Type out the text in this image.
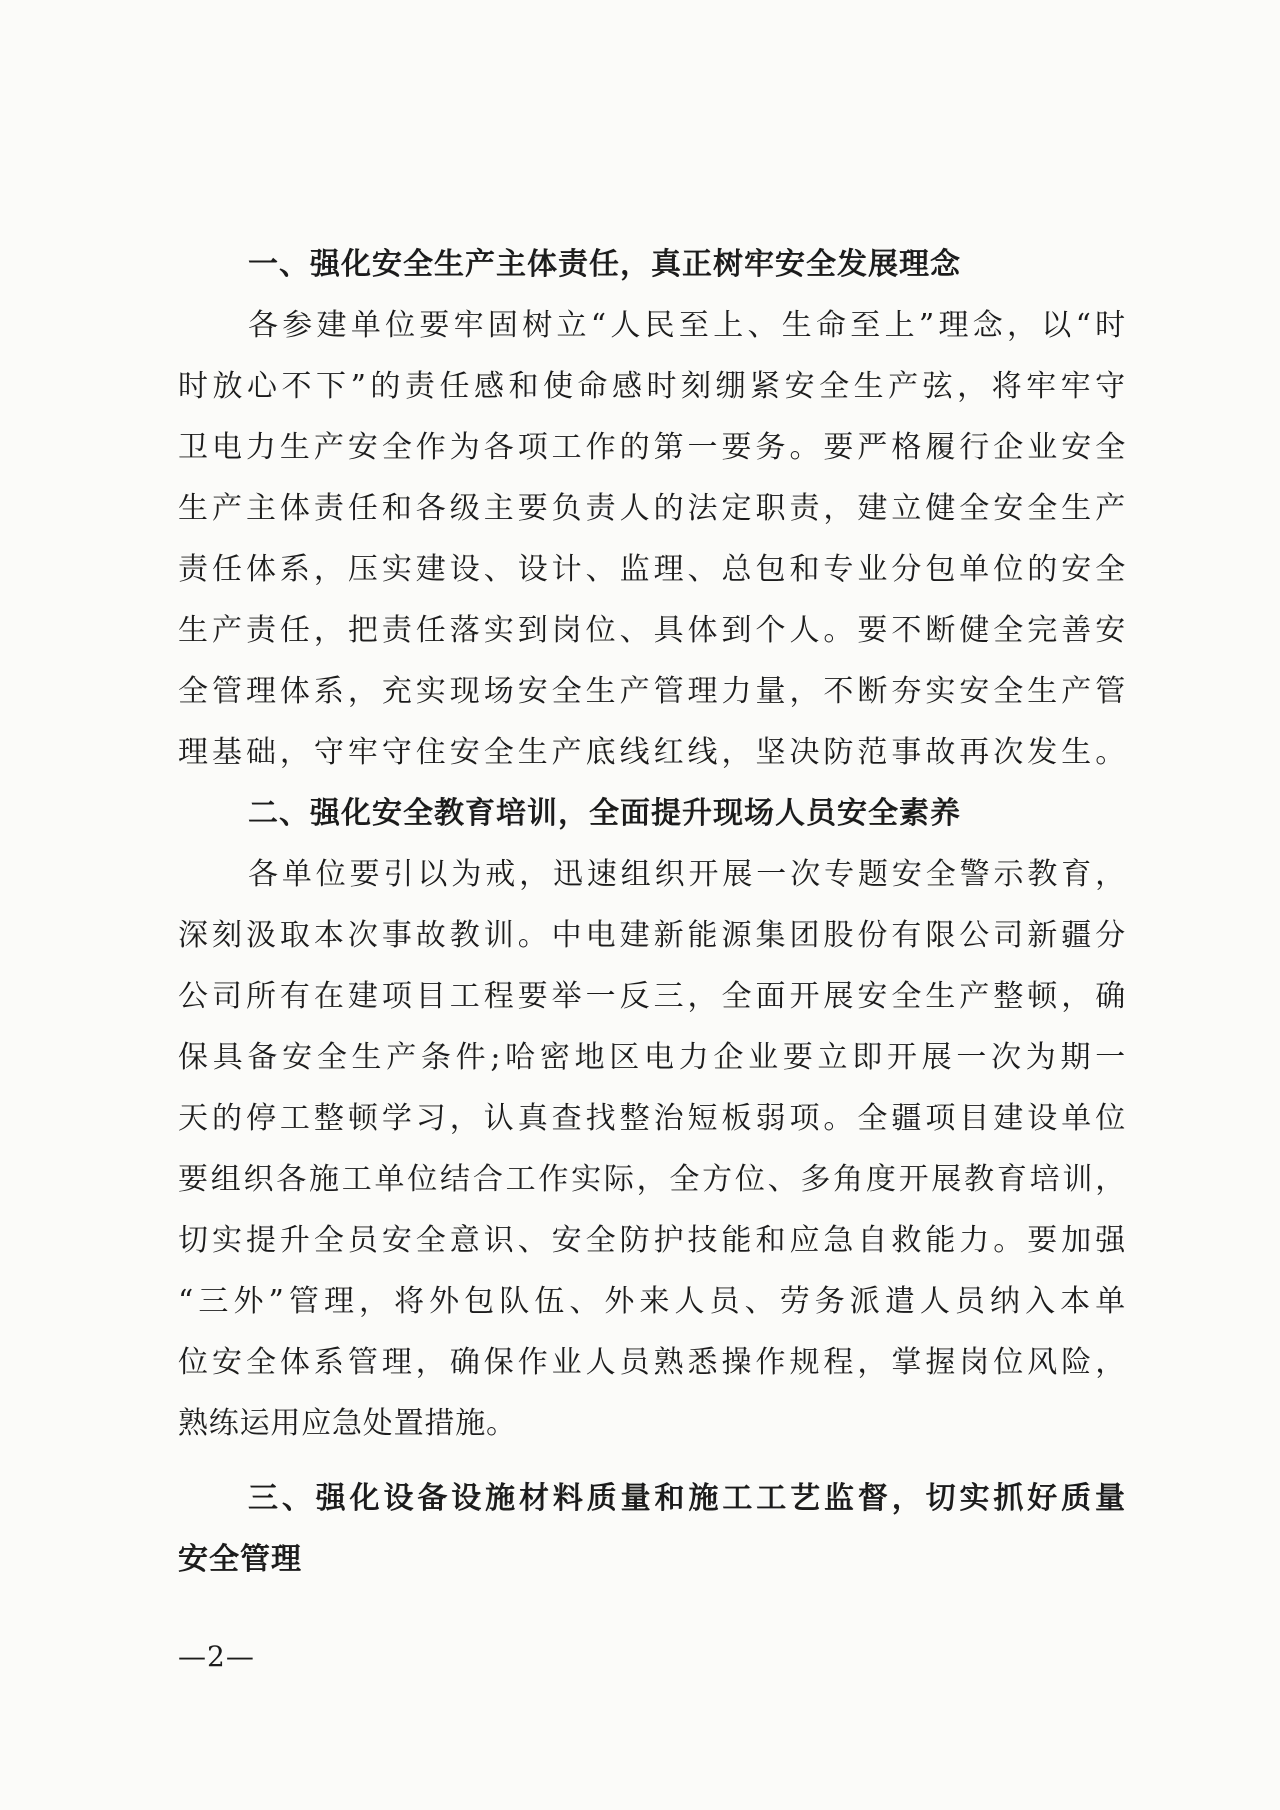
一、强化安全生产主体责任，真正树牢安全发展理念
各参建单位要牢固树立“人民至上、生命至上”理念，以“时
时放心不下”的责任感和使命感时刻绷紧安全生产弦，将牢牢守
卫电力生产安全作为各项工作的第一要务。要严格履行企业安全
生产主体责任和各级主要负责人的法定职责，建立健全安全生产
责任体系，压实建设、设计、监理、总包和专业分包单位的安全
生产责任，把责任落实到岗位、具体到个人。要不断健全完善安
全管理体系，充实现场安全生产管理力量，不断夯实安全生产管
理基础，守牢守住安全生产底线红线，坚决防范事故再次发生。
二、强化安全教育培训，全面提升现场人员安全素养
各单位要引以为戒，迅速组织开展一次专题安全警示教育，
深刻汲取本次事故教训。中电建新能源集团股份有限公司新疆分
公司所有在建项目工程要举一反三，全面开展安全生产整顿，确
保具备安全生产条件;哈密地区电力企业要立即开展一次为期一
天的停工整顿学习，认真查找整治短板弱项。全疆项目建设单位
要组织各施工单位结合工作实际，全方位、多角度开展教育培训，
切实提升全员安全意识、安全防护技能和应急自救能力。要加强
“三外”管理，将外包队伍、外来人员、劳务派遣人员纳入本单
位安全体系管理，确保作业人员熟悉操作规程，掌握岗位风险，
熟练运用应急处置措施。
三、强化设备设施材料质量和施工工艺监督，切实抓好质量
安全管理
—2—
